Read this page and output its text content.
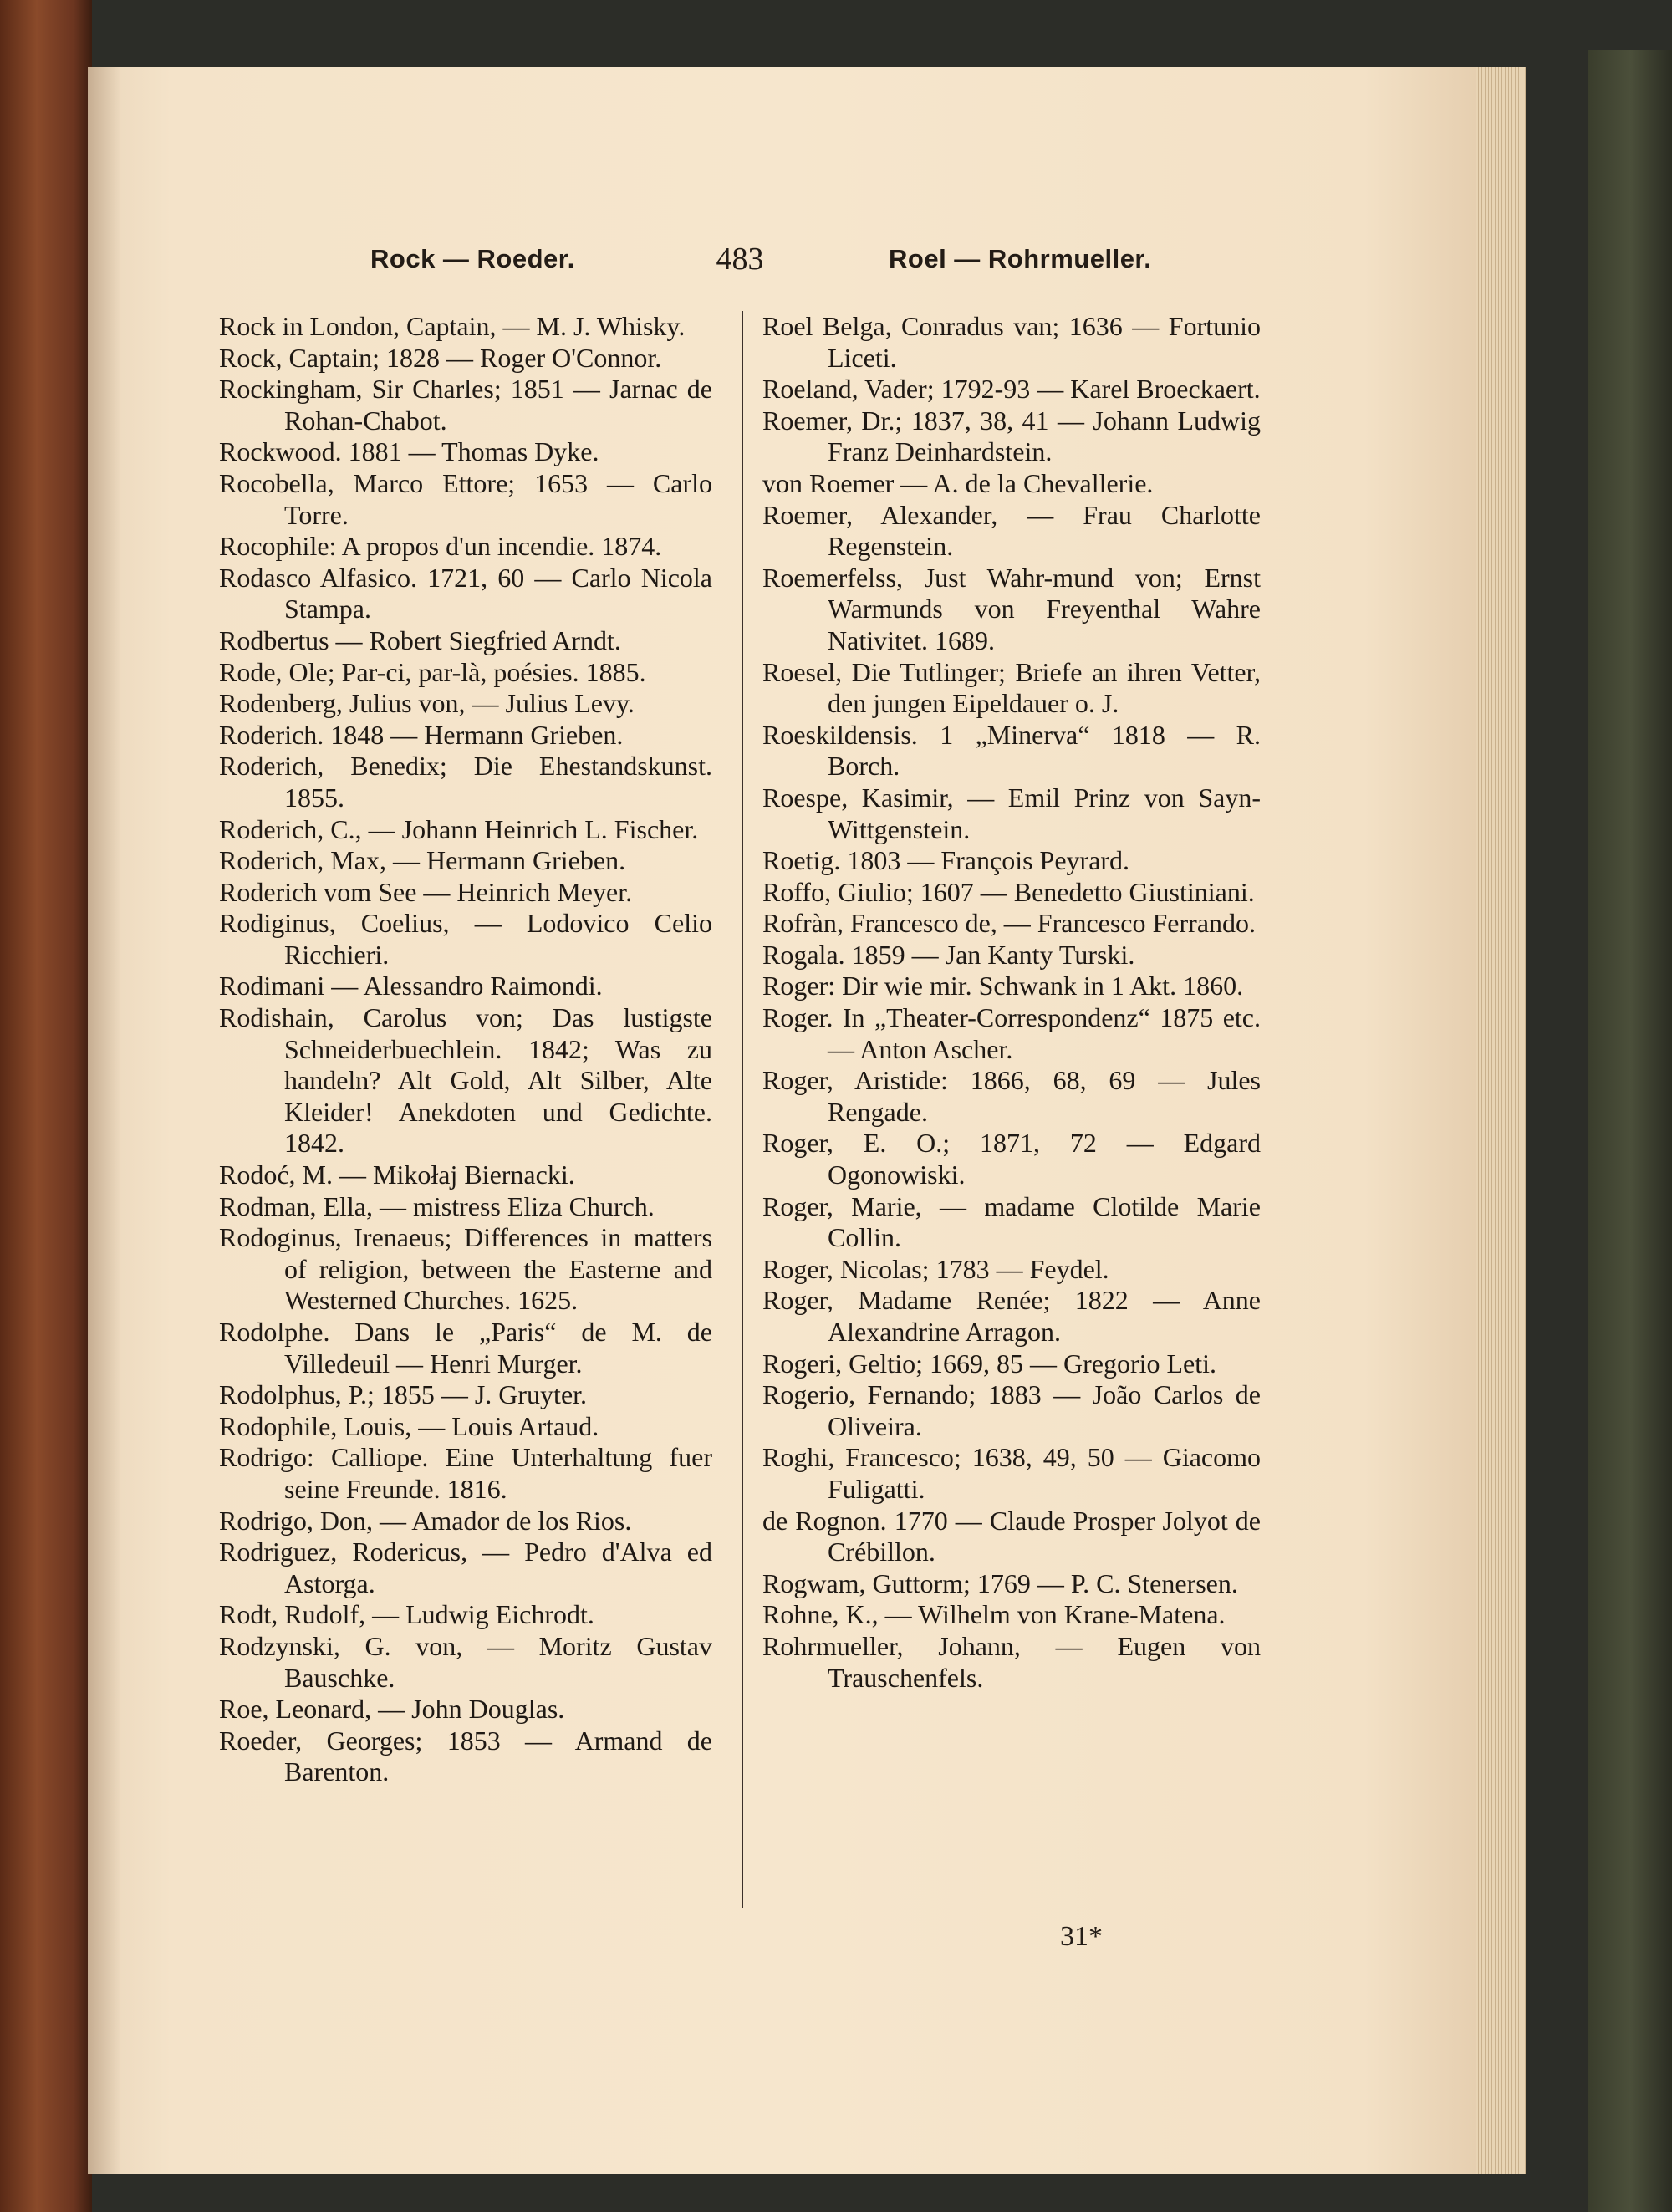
Rock — Roeder.	483	Roel — Rohrmueller.
Rock in London, Captain, — M. J. Whisky.
Rock, Captain; 1828 — Roger O'Connor.
Rockingham, Sir Charles; 1851 — Jarnac de Rohan-Chabot.
Rockwood. 1881 — Thomas Dyke.
Rocobella, Marco Ettore; 1653 — Carlo Torre.
Rocophile: A propos d'un incendie. 1874.
Rodasco Alfasico. 1721, 60 — Carlo Nicola Stampa.
Rodbertus — Robert Siegfried Arndt.
Rode, Ole; Par-ci, par-là, poésies. 1885.
Rodenberg, Julius von, — Julius Levy.
Roderich. 1848 — Hermann Grieben.
Roderich, Benedix; Die Ehestandskunst. 1855.
Roderich, C., — Johann Heinrich L. Fischer.
Roderich, Max, — Hermann Grieben.
Roderich vom See — Heinrich Meyer.
Rodiginus, Coelius, — Lodovico Celio Ricchieri.
Rodimani — Alessandro Raimondi.
Rodishain, Carolus von; Das lustigste Schneiderbuechlein. 1842; Was zu handeln? Alt Gold, Alt Silber, Alte Kleider! Anekdoten und Gedichte. 1842.
Rodoć, M. — Mikołaj Biernacki.
Rodman, Ella, — mistress Eliza Church.
Rodoginus, Irenaeus; Differences in matters of religion, between the Easterne and Westerned Churches. 1625.
Rodolphe. Dans le „Paris“ de M. de Villedeuil — Henri Murger.
Rodolphus, P.; 1855 — J. Gruyter.
Rodophile, Louis, — Louis Artaud.
Rodrigo: Calliope. Eine Unterhaltung fuer seine Freunde. 1816.
Rodrigo, Don, — Amador de los Rios.
Rodriguez, Rodericus, — Pedro d'Alva ed Astorga.
Rodt, Rudolf, — Ludwig Eichrodt.
Rodzynski, G. von, — Moritz Gustav Bauschke.
Roe, Leonard, — John Douglas.
Roeder, Georges; 1853 — Armand de Barenton.
Roel Belga, Conradus van; 1636 — Fortunio Liceti.
Roeland, Vader; 1792-93 — Karel Broeckaert.
Roemer, Dr.; 1837, 38, 41 — Johann Ludwig Franz Deinhardstein.
von Roemer — A. de la Chevallerie.
Roemer, Alexander, — Frau Charlotte Regenstein.
Roemerfelss, Just Wahr-mund von; Ernst Warmunds von Freyenthal Wahre Nativitet. 1689.
Roesel, Die Tutlinger; Briefe an ihren Vetter, den jungen Eipeldauer o. J.
Roeskildensis. 1 „Minerva“ 1818 — R. Borch.
Roespe, Kasimir, — Emil Prinz von Sayn-Wittgenstein.
Roetig. 1803 — François Peyrard.
Roffo, Giulio; 1607 — Benedetto Giustiniani.
Rofràn, Francesco de, — Francesco Ferrando.
Rogala. 1859 — Jan Kanty Turski.
Roger: Dir wie mir. Schwank in 1 Akt. 1860.
Roger. In „Theater-Correspondenz“ 1875 etc. — Anton Ascher.
Roger, Aristide: 1866, 68, 69 — Jules Rengade.
Roger, E. O.; 1871, 72 — Edgard Ogonowiski.
Roger, Marie, — madame Clotilde Marie Collin.
Roger, Nicolas; 1783 — Feydel.
Roger, Madame Renée; 1822 — Anne Alexandrine Arragon.
Rogeri, Geltio; 1669, 85 — Gregorio Leti.
Rogerio, Fernando; 1883 — João Carlos de Oliveira.
Roghi, Francesco; 1638, 49, 50 — Giacomo Fuligatti.
de Rognon. 1770 — Claude Prosper Jolyot de Crébillon.
Rogwam, Guttorm; 1769 — P. C. Stenersen.
Rohne, K., — Wilhelm von Krane-Matena.
Rohrmueller, Johann, — Eugen von Trauschenfels.
31*
